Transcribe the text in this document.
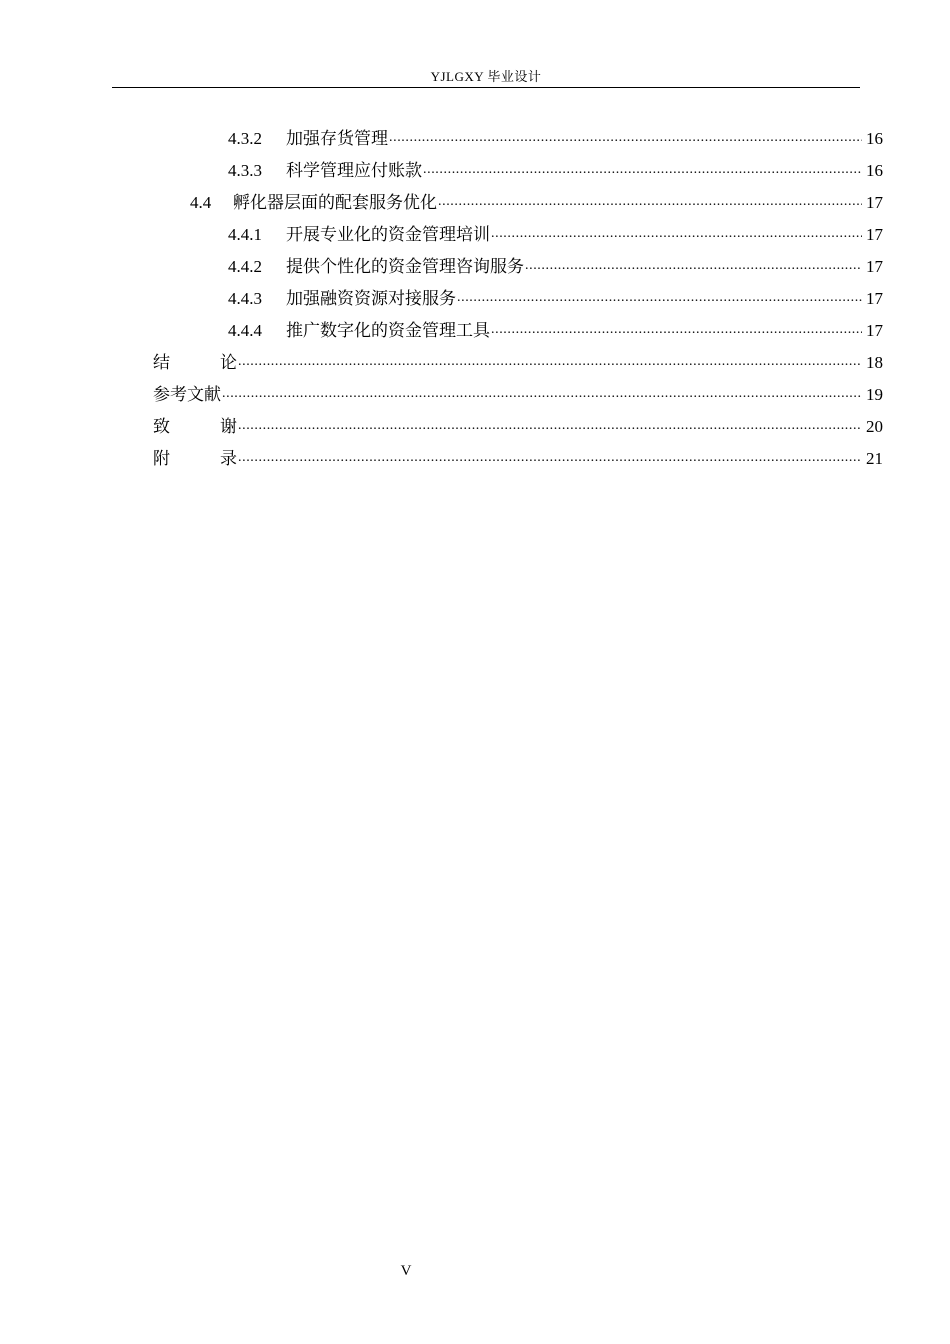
YJLGXY 毕业设计
4.3.2	加强存货管理 .....	16
4.3.3	科学管理应付账款 .....	16
4.4	孵化器层面的配套服务优化 .....	17
4.4.1	开展专业化的资金管理培训 .....	17
4.4.2	提供个性化的资金管理咨询服务 .....	17
4.4.3	加强融资资源对接服务 .....	17
4.4.4	推广数字化的资金管理工具 .....	17
结	论 .....	18
参考文献 .....	19
致	谢 .....	20
附	录 .....	21
V
